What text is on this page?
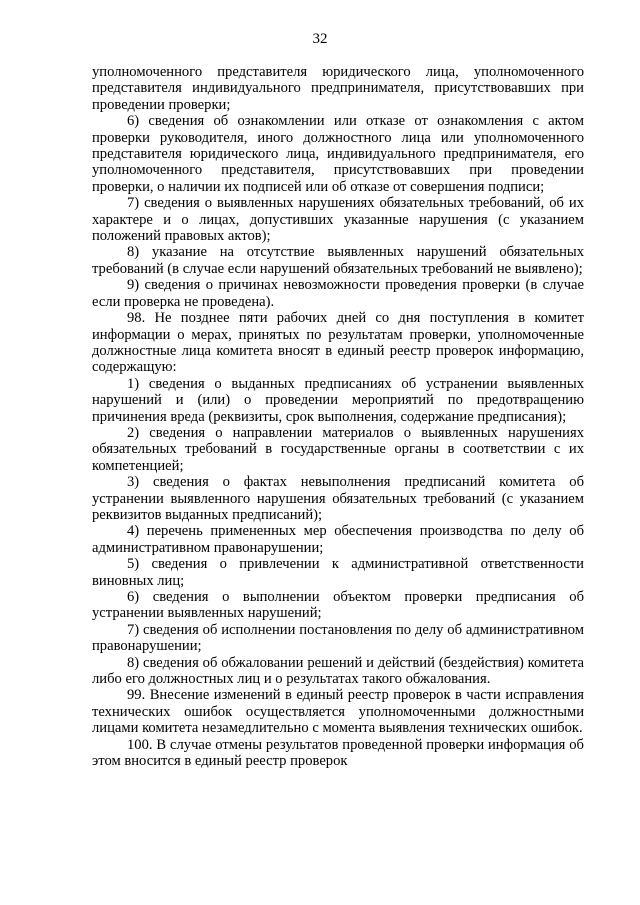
32

уполномоченного представителя юридического лица, уполномоченного представителя индивидуального предпринимателя, присутствовавших при проведении проверки;

6) сведения об ознакомлении или отказе от ознакомления с актом проверки руководителя, иного должностного лица или уполномоченного представителя юридического лица, индивидуального предпринимателя, его уполномоченного представителя, присутствовавших при проведении проверки, о наличии их подписей или об отказе от совершения подписи;

7) сведения о выявленных нарушениях обязательных требований, об их характере и о лицах, допустивших указанные нарушения (с указанием положений правовых актов);

8) указание на отсутствие выявленных нарушений обязательных требований (в случае если нарушений обязательных требований не выявлено);

9) сведения о причинах невозможности проведения проверки (в случае если проверка не проведена).

98. Не позднее пяти рабочих дней со дня поступления в комитет информации о мерах, принятых по результатам проверки, уполномоченные должностные лица комитета вносят в единый реестр проверок информацию, содержащую:

1) сведения о выданных предписаниях об устранении выявленных нарушений и (или) о проведении мероприятий по предотвращению причинения вреда (реквизиты, срок выполнения, содержание предписания);

2) сведения о направлении материалов о выявленных нарушениях обязательных требований в государственные органы в соответствии с их компетенцией;

3) сведения о фактах невыполнения предписаний комитета об устранении выявленного нарушения обязательных требований (с указанием реквизитов выданных предписаний);

4) перечень примененных мер обеспечения производства по делу об административном правонарушении;

5) сведения о привлечении к административной ответственности виновных лиц;

6) сведения о выполнении объектом проверки предписания об устранении выявленных нарушений;

7) сведения об исполнении постановления по делу об административном правонарушении;

8) сведения об обжаловании решений и действий (бездействия) комитета либо его должностных лиц и о результатах такого обжалования.

99. Внесение изменений в единый реестр проверок в части исправления технических ошибок осуществляется уполномоченными должностными лицами комитета незамедлительно с момента выявления технических ошибок.

100. В случае отмены результатов проведенной проверки информация об этом вносится в единый реестр проверок
